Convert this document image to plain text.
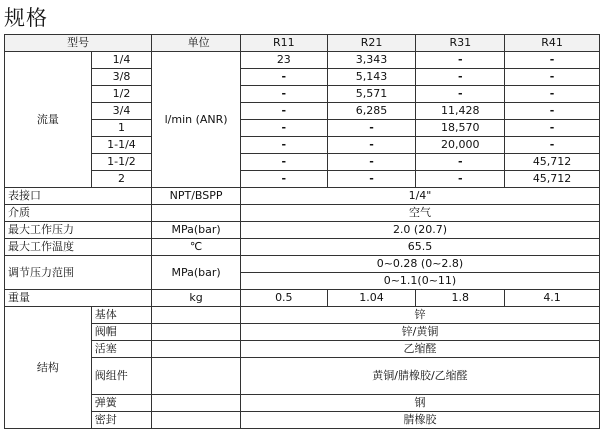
规格
型号		单位	R11	R21	R31	R41
流量	1/4	l/min (ANR)	23	3,343	-	-
	3/8		-	5,143	-	-
	1/2		-	5,571	-	-
	3/4		-	6,285	11,428	-
	1		-	-	18,570	-
	1-1/4		-	-	20,000	-
	1-1/2		-	-	-	45,712
	2		-	-	-	45,712
表接口		NPT/BSPP	1/4"			
介质			空气			
最大工作压力		MPa(bar)	2.0 (20.7)			
最大工作温度		℃	65.5			
调节压力范围		MPa(bar)	0~0.28 (0~2.8)			
			0~1.1(0~11)			
重量		kg	0.5	1.04	1.8	4.1
结构	基体		锌			
	阀帽		锌/黄铜			
	活塞		乙缩醛			
	阀组件		黄铜/腈橡胶/乙缩醛			
	弹簧		钢			
	密封		腈橡胶			
